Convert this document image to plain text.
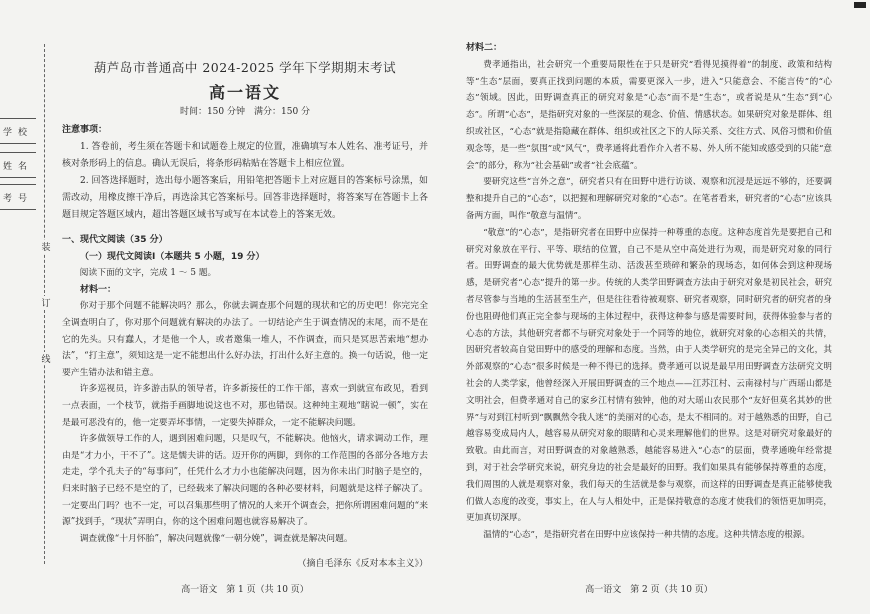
学校
姓名
考号
装
订
线
葫芦岛市普通高中 2024-2025 学年下学期期末考试
高一语文
时间：150 分钟　满分：150 分
注意事项：

1. 答卷前，考生须在答题卡和试题卷上规定的位置，准确填写本人姓名、准考证号，并核对条形码上的信息。确认无误后，将条形码粘贴在答题卡上相应位置。

2. 回答选择题时，选出每小题答案后，用铅笔把答题卡上对应题目的答案标号涂黑，如需改动，用橡皮擦干净后，再选涂其它答案标号。回答非选择题时，将答案写在答题卡上各题目规定答题区域内，超出答题区域书写或写在本试卷上的答案无效。

一、现代文阅读（35 分）
（一）现代文阅读Ⅰ（本题共 5 小题，19 分）

阅读下面的文字，完成 1 ～ 5 题。

材料一：

你对于那个问题不能解决吗？那么，你就去调查那个问题的现状和它的历史吧！你完完全全调查明白了，你对那个问题就有解决的办法了。一切结论产生于调查情况的末尾，而不是在它的先头。只有蠢人，才是他一个人，或者邀集一堆人，不作调查，而只是冥思苦索地“想办法”，“打主意”，须知这是一定不能想出什么好办法，打出什么好主意的。换一句话说，他一定要产生错办法和错主意。

许多巡视员，许多游击队的领导者，许多新接任的工作干部，喜欢一到就宣布政见，看到一点表面，一个枝节，就指手画脚地说这也不对，那也错误。这种纯主观地“瞎说一顿”，实在是最可恶没有的，他一定要弄坏事情，一定要失掉群众，一定不能解决问题。

许多做领导工作的人，遇到困难问题，只是叹气，不能解决。他恼火，请求调动工作，理由是“才力小，干不了”。这是懦夫讲的话。迈开你的两脚，到你的工作范围的各部分各地方去走走，学个孔夫子的“每事问”，任凭什么才力小也能解决问题，因为你未出门时脑子是空的，归来时脑子已经不是空的了，已经载来了解决问题的各种必要材料，问题就是这样子解决了。一定要出门吗？也不一定，可以召集那些明了情况的人来开个调查会，把你所谓困难问题的“来源”找到手，“现状”弄明白，你的这个困难问题也就容易解决了。

调查就像“十月怀胎”，解决问题就像“一朝分娩”，调查就是解决问题。

（摘自毛泽东《反对本本主义》）
高一语文　第 1 页（共 10 页）
材料二：

费孝通指出，社会研究一个重要局限性在于只是研究“看得见摸得着”的制度、政策和结构等“生态”层面，要真正找到问题的本质，需要更深入一步，进入“只能意会、不能言传”的“心态”领域。因此，田野调查真正的研究对象是“心态”而不是“生态”，或者说是从“生态”到“心态”。所谓“心态”，是指研究对象的一些深层的观念、价值、情感状态。如果研究对象是群体、组织或社区，“心态”就是指隐藏在群体、组织或社区之下的人际关系、交往方式、风俗习惯和价值观念等，是一些“氛围”或“风气”，费孝通将此看作介入者不易、外人所不能知或感受到的只能“意会”的部分，称为“社会基础”或者“社会底蕴”。

要研究这些“言外之意”，研究者只有在田野中进行访谈、观察和沉浸是远远不够的，还要调整和提升自己的“心态”，以把握和理解研究对象的“心态”。在笔者看来，研究者的“心态”应该具备两方面，叫作“敬意与温情”。

“敬意”的“心态”，是指研究者在田野中应保持一种尊重的态度。这种态度首先是要把自己和研究对象放在平行、平等、联结的位置，自己不是从空中高处进行为观，而是研究对象的同行者。田野调查的最大优势就是那样生动、活泼甚至琐碎和繁杂的现场态，如何体会到这种现场感，是研究者“心态”提升的第一步。传统的人类学田野调查方法由于研究对象是初民社会，研究者尽管参与当地的生活甚至生产，但是往往看待被观察、研究者观察，同时研究者的研究者的身份也阻碍他们真正完全参与现场的主体过程中，获得这种参与感是需要时间，获得体验参与者的心态的方法，其他研究者都不与研究对象处于一个同等的地位，就研究对象的心态相关的共情，因研究者较高自觉田野中的感受的理解和态度。当然，由于人类学研究的是完全异己的文化，其外部观察的“心态”很多时候是一种不得已的选择。费孝通可以说是最早用田野调查方法研究文明社会的人类学家，他曾经深入开展田野调查的三个地点——江苏江村、云南禄村与广西瑶山都是文明社会，但费孝通对自己的家乡江村情有独钟，他的对大瑶山农民那个“友好但莫名其妙的世界”与对到江村听到“飘飘然令我人迷”的美丽对的心态，是太不相同的。对于越熟悉的田野，自己越容易变成局内人，越容易从研究对象的眼睛和心灵来理解他们的世界。这是对研究对象最好的致敬。由此而言，对田野调查的对象越熟悉，越能容易进入“心态”的层面，费孝通晚年经常提到，对于社会学研究来说，研究身边的社会是最好的田野。我们如果具有能够保持尊重的态度，我们周围的人就是观察对象，我们每天的生活就是参与观察，而这样的田野调查是真正能够使我们做人态度的改变，事实上，在人与人相处中，正是保持敬意的态度才使我们的领悟更加明亮，更加真切深厚。

温情的“心态”，是指研究者在田野中应该保持一种共情的态度。这种共情态度的根源。

高一语文　第 2 页（共 10 页）
